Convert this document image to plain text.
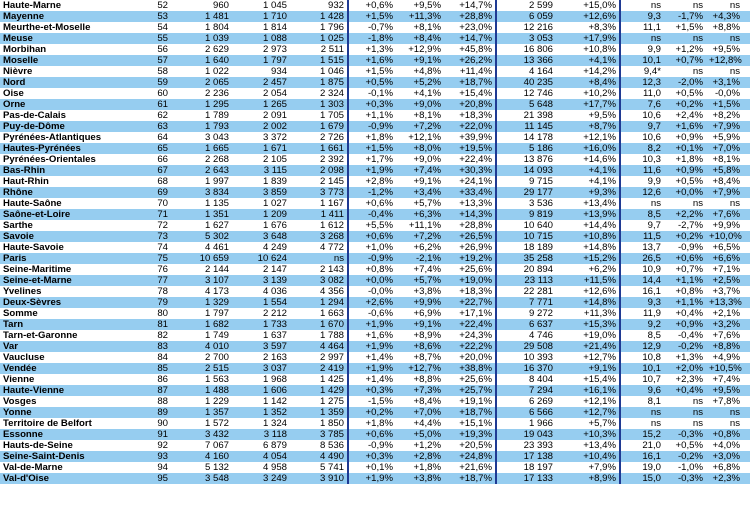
Haute-Marne	52	960	1 045	932	+0,6%	+9,5%	+14,7%	2 599	+15,0%	ns	ns	ns
Mayenne	53	1 481	1 710	1 428	+1,5%	+11,3%	+28,8%	6 059	+12,6%	9,3	-1,7%	+4,3%
Meurthe-et-Moselle	54	1 804	1 814	1 796	-0,7%	+8,1%	+23,0%	12 216	+8,3%	11,1	+1,5%	+8,8%
Meuse	55	1 039	1 088	1 025	-1,8%	+8,4%	+14,7%	3 053	+17,9%	ns	ns	ns
Morbihan	56	2 629	2 973	2 511	+1,3%	+12,9%	+45,8%	16 806	+10,8%	9,9	+1,2%	+9,5%
Moselle	57	1 640	1 797	1 515	+1,6%	+9,1%	+26,2%	13 366	+4,1%	10,1	+0,7%	+12,8%
Nièvre	58	1 022	934	1 046	+1,5%	+4,8%	+11,4%	4 164	+14,2%	9,4*	ns	ns
Nord	59	2 065	2 457	1 875	+0,5%	+5,2%	+18,7%	40 235	+8,4%	12,3	-2,0%	+3,1%
Oise	60	2 236	2 054	2 324	-0,1%	+4,1%	+15,4%	12 746	+10,2%	11,0	+0,5%	-0,0%
Orne	61	1 295	1 265	1 303	+0,3%	+9,0%	+20,8%	5 648	+17,7%	7,6	+0,2%	+1,5%
Pas-de-Calais	62	1 789	2 091	1 705	+1,1%	+8,1%	+18,3%	21 398	+9,5%	10,6	+2,4%	+8,2%
Puy-de-Dôme	63	1 793	2 002	1 679	-0,9%	+7,2%	+22,0%	11 145	+8,7%	9,7	+1,6%	+7,9%
Pyrénées-Atlantiques	64	3 043	3 372	2 726	+1,8%	+12,1%	+39,9%	14 178	+12,1%	10,6	+0,9%	+5,9%
Hautes-Pyrénées	65	1 665	1 671	1 661	+1,5%	+8,0%	+19,5%	5 186	+16,0%	8,2	+0,1%	+7,0%
Pyrénées-Orientales	66	2 268	2 105	2 392	+1,7%	+9,0%	+22,4%	13 876	+14,6%	10,3	+1,8%	+8,1%
Bas-Rhin	67	2 643	3 115	2 098	+1,9%	+7,4%	+30,3%	14 093	+4,1%	11,6	+0,9%	+5,8%
Haut-Rhin	68	1 997	1 839	2 145	+2,8%	+9,1%	+24,1%	9 715	+4,1%	9,9	+0,5%	+8,4%
Rhône	69	3 834	3 859	3 773	-1,2%	+3,4%	+33,4%	29 177	+9,3%	12,6	+0,0%	+7,9%
Haute-Saône	70	1 135	1 027	1 167	+0,6%	+5,7%	+13,3%	3 536	+13,4%	ns	ns	ns
Saône-et-Loire	71	1 351	1 209	1 411	-0,4%	+6,3%	+14,3%	9 819	+13,9%	8,5	+2,2%	+7,6%
Sarthe	72	1 627	1 676	1 612	+5,5%	+11,1%	+28,8%	10 640	+14,4%	9,7	-2,7%	+9,9%
Savoie	73	5 302	3 648	3 268	+0,6%	+7,2%	+26,5%	10 715	+10,8%	11,5	+0,2%	+10,0%
Haute-Savoie	74	4 461	4 249	4 772	+1,0%	+6,2%	+26,9%	18 189	+14,8%	13,7	-0,9%	+6,5%
Paris	75	10 659	10 624	ns	-0,9%	-2,1%	+19,2%	35 258	+15,2%	26,5	+0,6%	+6,6%
Seine-Maritime	76	2 144	2 147	2 143	+0,8%	+7,4%	+25,6%	20 894	+6,2%	10,9	+0,7%	+7,1%
Seine-et-Marne	77	3 107	3 139	3 082	+0,0%	+5,7%	+19,0%	23 113	+11,5%	14,4	+1,1%	+2,5%
Yvelines	78	4 173	4 036	4 356	-0,0%	+3,8%	+18,3%	22 281	+12,6%	16,1	+0,8%	+3,7%
Deux-Sèvres	79	1 329	1 554	1 294	+2,6%	+9,9%	+22,7%	7 771	+14,8%	9,3	+1,1%	+13,3%
Somme	80	1 797	2 212	1 663	-0,6%	+6,9%	+17,1%	9 272	+11,3%	11,9	+0,4%	+2,1%
Tarn	81	1 682	1 733	1 670	+1,9%	+9,1%	+22,4%	6 637	+15,3%	9,2	+0,9%	+3,2%
Tarn-et-Garonne	82	1 749	1 637	1 788	+1,6%	+8,9%	+24,3%	4 746	+19,0%	8,5	-0,4%	+7,6%
Var	83	4 010	3 597	4 464	+1,9%	+8,6%	+22,2%	29 508	+21,4%	12,9	-0,2%	+8,8%
Vaucluse	84	2 700	2 163	2 997	+1,4%	+8,7%	+20,0%	10 393	+12,7%	10,8	+1,3%	+4,9%
Vendée	85	2 515	3 037	2 419	+1,9%	+12,7%	+38,8%	16 370	+9,1%	10,1	+2,0%	+10,5%
Vienne	86	1 563	1 968	1 425	+1,4%	+8,8%	+25,6%	8 404	+15,4%	10,7	+2,3%	+7,4%
Haute-Vienne	87	1 488	1 606	1 429	+0,3%	+7,3%	+25,7%	7 294	+16,1%	9,6	+0,4%	+9,5%
Vosges	88	1 229	1 142	1 275	-1,5%	+8,4%	+19,1%	6 269	+12,1%	8,1	ns	+7,8%
Yonne	89	1 357	1 352	1 359	+0,2%	+7,0%	+18,7%	6 566	+12,7%	ns	ns	ns
Territoire de Belfort	90	1 572	1 324	1 850	+1,8%	+4,4%	+15,1%	1 966	+5,7%	ns	ns	ns
Essonne	91	3 432	3 118	3 785	+0,6%	+5,0%	+19,3%	19 043	+10,3%	15,2	-0,3%	+0,8%
Hauts-de-Seine	92	7 067	6 879	8 536	-0,9%	+1,2%	+20,5%	23 393	+13,4%	21,0	+0,5%	+4,0%
Seine-Saint-Denis	93	4 160	4 054	4 490	+0,3%	+2,8%	+24,8%	17 138	+10,4%	16,1	-0,2%	+3,0%
Val-de-Marne	94	5 132	4 958	5 741	+0,1%	+1,8%	+21,6%	18 197	+7,9%	19,0	-1,0%	+6,8%
Val-d'Oise	95	3 548	3 249	3 910	+1,9%	+3,8%	+18,7%	17 133	+8,9%	15,0	-0,3%	+2,3%
